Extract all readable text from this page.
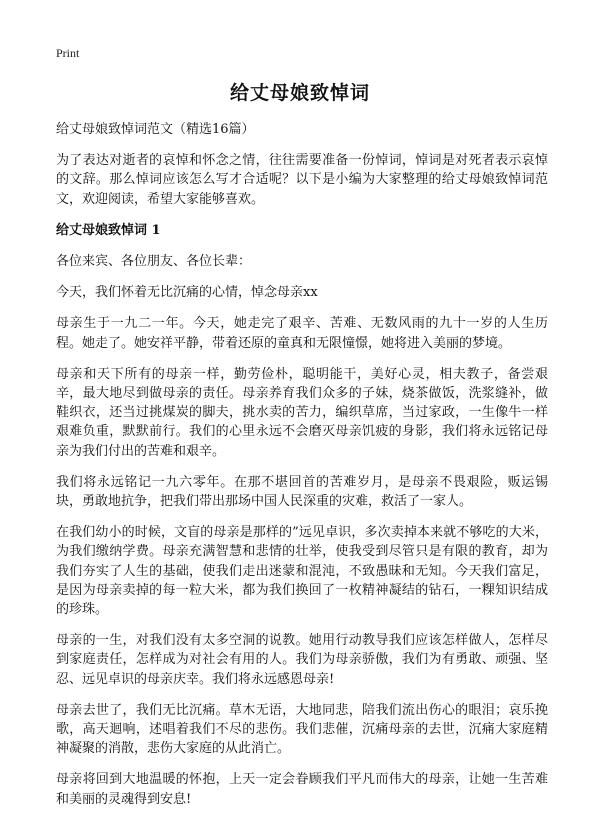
Print
给丈母娘致悼词

给丈母娘致悼词范文（精选16篇）

为了表达对逝者的哀悼和怀念之情，往往需要准备一份悼词，悼词是对死者表示哀悼的文辞。那么悼词应该怎么写才合适呢？以下是小编为大家整理的给丈母娘致悼词范文，欢迎阅读，希望大家能够喜欢。

给丈母娘致悼词 1

各位来宾、各位朋友、各位长辈：

今天，我们怀着无比沉痛的心情，悼念母亲xx

母亲生于一九二一年。今天，她走完了艰辛、苦难、无数风雨的九十一岁的人生历程。她走了。她安祥平静，带着还原的童真和无限憧憬，她将进入美丽的梦境。

母亲和天下所有的母亲一样，勤劳俭朴，聪明能干，美好心灵，相夫教子，备尝艰辛，最大地尽到做母亲的责任。母亲养育我们众多的子妹，烧茶做饭，洗浆缝补，做鞋织衣，还当过挑煤炭的脚夫，挑水卖的苦力，编织草席，当过家政，一生像牛一样艰难负重，默默前行。我们的心里永远不会磨灭母亲饥疲的身影，我们将永远铭记母亲为我们付出的苦难和艰辛。

我们将永远铭记一九六零年。在那不堪回首的苦难岁月，是母亲不畏艰险，贩运锡块，勇敢地抗争，把我们带出那场中国人民深重的灾难，救活了一家人。

在我们幼小的时候，文盲的母亲是那样的”远见卓识，多次卖掉本来就不够吃的大米，为我们缴纳学费。母亲充满智慧和悲情的壮举，使我受到尽管只是有限的教育，却为我们夯实了人生的基础，使我们走出迷蒙和混沌，不致愚昧和无知。今天我们富足，是因为母亲卖掉的每一粒大米，都为我们换回了一枚精神凝结的钻石，一粿知识结成的珍珠。

母亲的一生，对我们没有太多空洞的说教。她用行动教导我们应该怎样做人，怎样尽到家庭责任，怎样成为对社会有用的人。我们为母亲骄傲，我们为有勇敢、顽强、坚忍、远见卓识的母亲庆幸。我们将永远感恩母亲!

母亲去世了，我们无比沉痛。草木无语，大地同悲，陪我们流出伤心的眼泪；哀乐挽歌，高天迴响，述唱着我们不尽的悲伤。我们悲催，沉痛母亲的去世，沉痛大家庭精神凝聚的消散，悲伤大家庭的从此消亡。

母亲将回到大地温暖的怀抱，上天一定会眷顾我们平凡而伟大的母亲，让她一生苦难和美丽的灵魂得到安息!
